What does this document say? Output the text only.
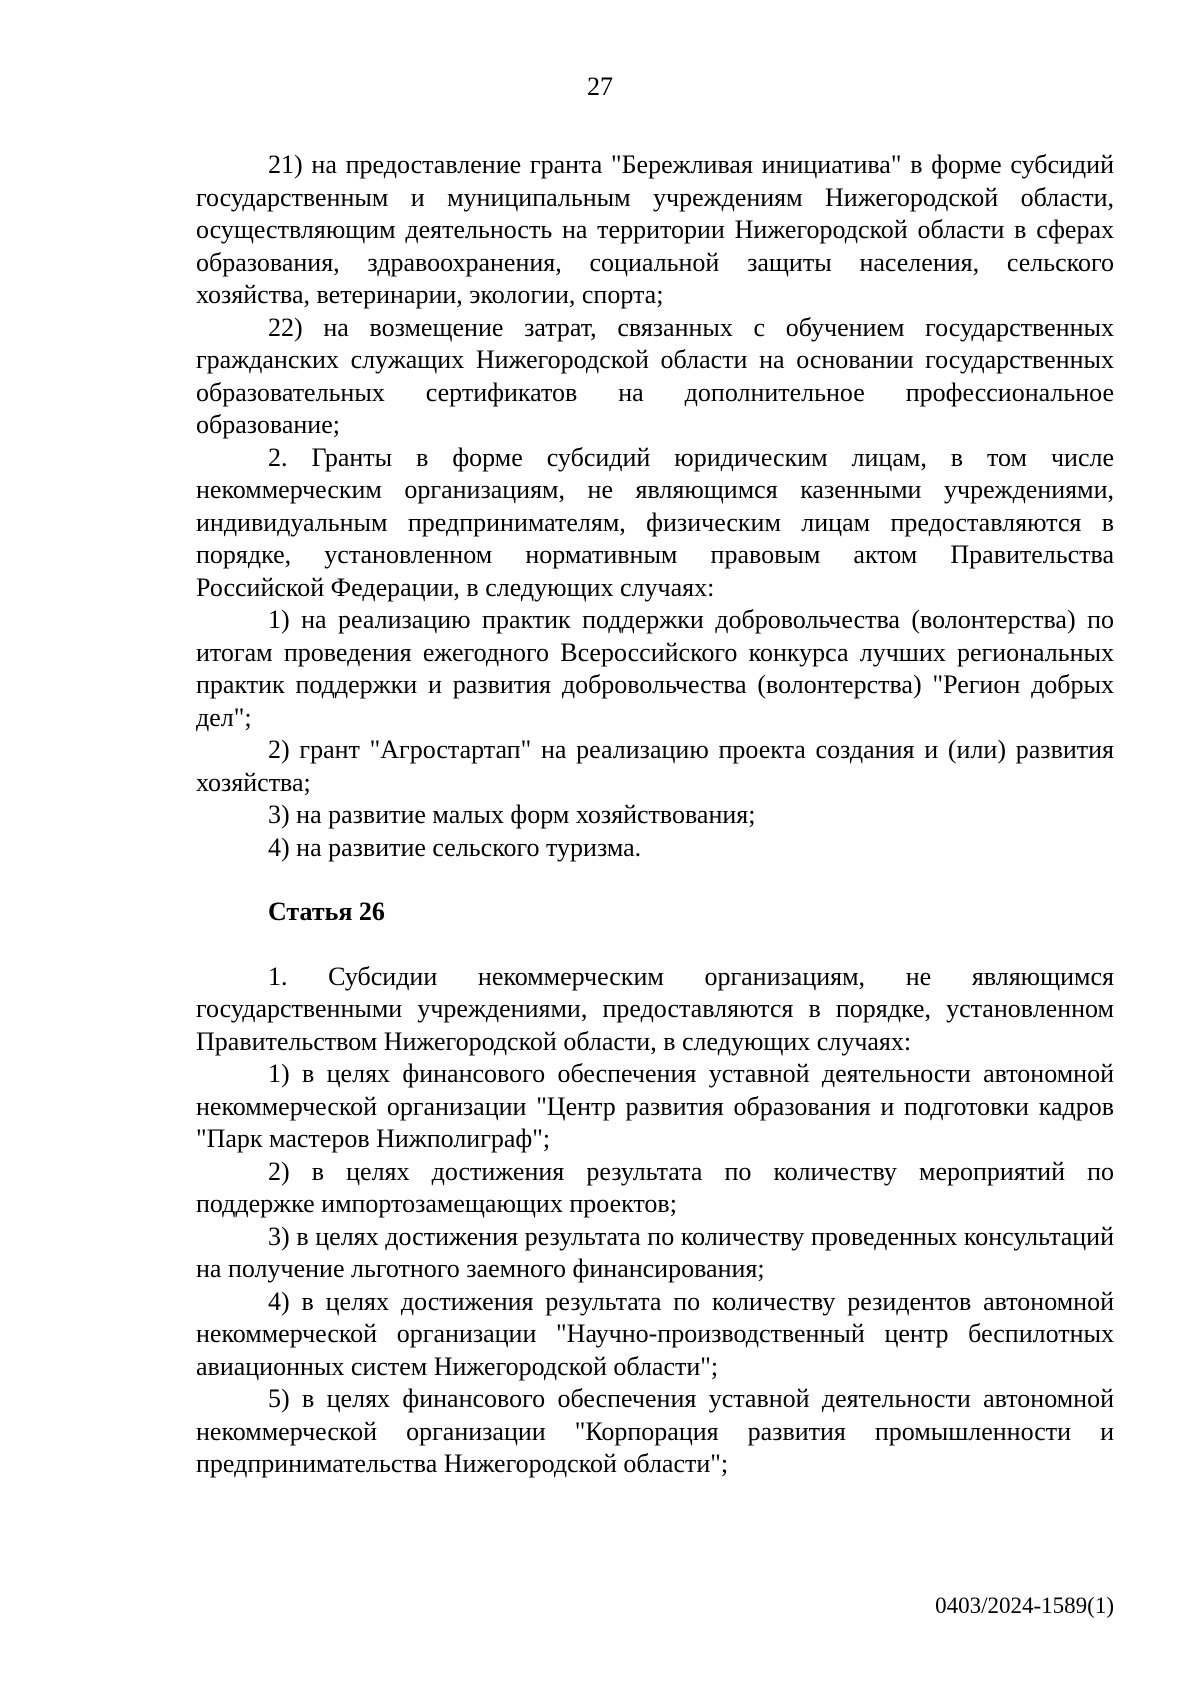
27

21) на предоставление гранта "Бережливая инициатива" в форме субсидий государственным и муниципальным учреждениям Нижегородской области, осуществляющим деятельность на территории Нижегородской области в сферах образования, здравоохранения, социальной защиты населения, сельского хозяйства, ветеринарии, экологии, спорта;

22) на возмещение затрат, связанных с обучением государственных гражданских служащих Нижегородской области на основании государственных образовательных сертификатов на дополнительное профессиональное образование;

2. Гранты в форме субсидий юридическим лицам, в том числе некоммерческим организациям, не являющимся казенными учреждениями, индивидуальным предпринимателям, физическим лицам предоставляются в порядке, установленном нормативным правовым актом Правительства Российской Федерации, в следующих случаях:

1) на реализацию практик поддержки добровольчества (волонтерства) по итогам проведения ежегодного Всероссийского конкурса лучших региональных практик поддержки и развития добровольчества (волонтерства) "Регион добрых дел";

2) грант "Агростартап" на реализацию проекта создания и (или) развития хозяйства;

3) на развитие малых форм хозяйствования;

4) на развитие сельского туризма.

Статья 26

1. Субсидии некоммерческим организациям, не являющимся государственными учреждениями, предоставляются в порядке, установленном Правительством Нижегородской области, в следующих случаях:

1) в целях финансового обеспечения уставной деятельности автономной некоммерческой организации "Центр развития образования и подготовки кадров "Парк мастеров Нижполиграф";

2) в целях достижения результата по количеству мероприятий по поддержке импортозамещающих проектов;

3) в целях достижения результата по количеству проведенных консультаций на получение льготного заемного финансирования;

4) в целях достижения результата по количеству резидентов автономной некоммерческой организации "Научно-производственный центр беспилотных авиационных систем Нижегородской области";

5) в целях финансового обеспечения уставной деятельности автономной некоммерческой организации "Корпорация развития промышленности и предпринимательства Нижегородской области";

0403/2024-1589(1)
